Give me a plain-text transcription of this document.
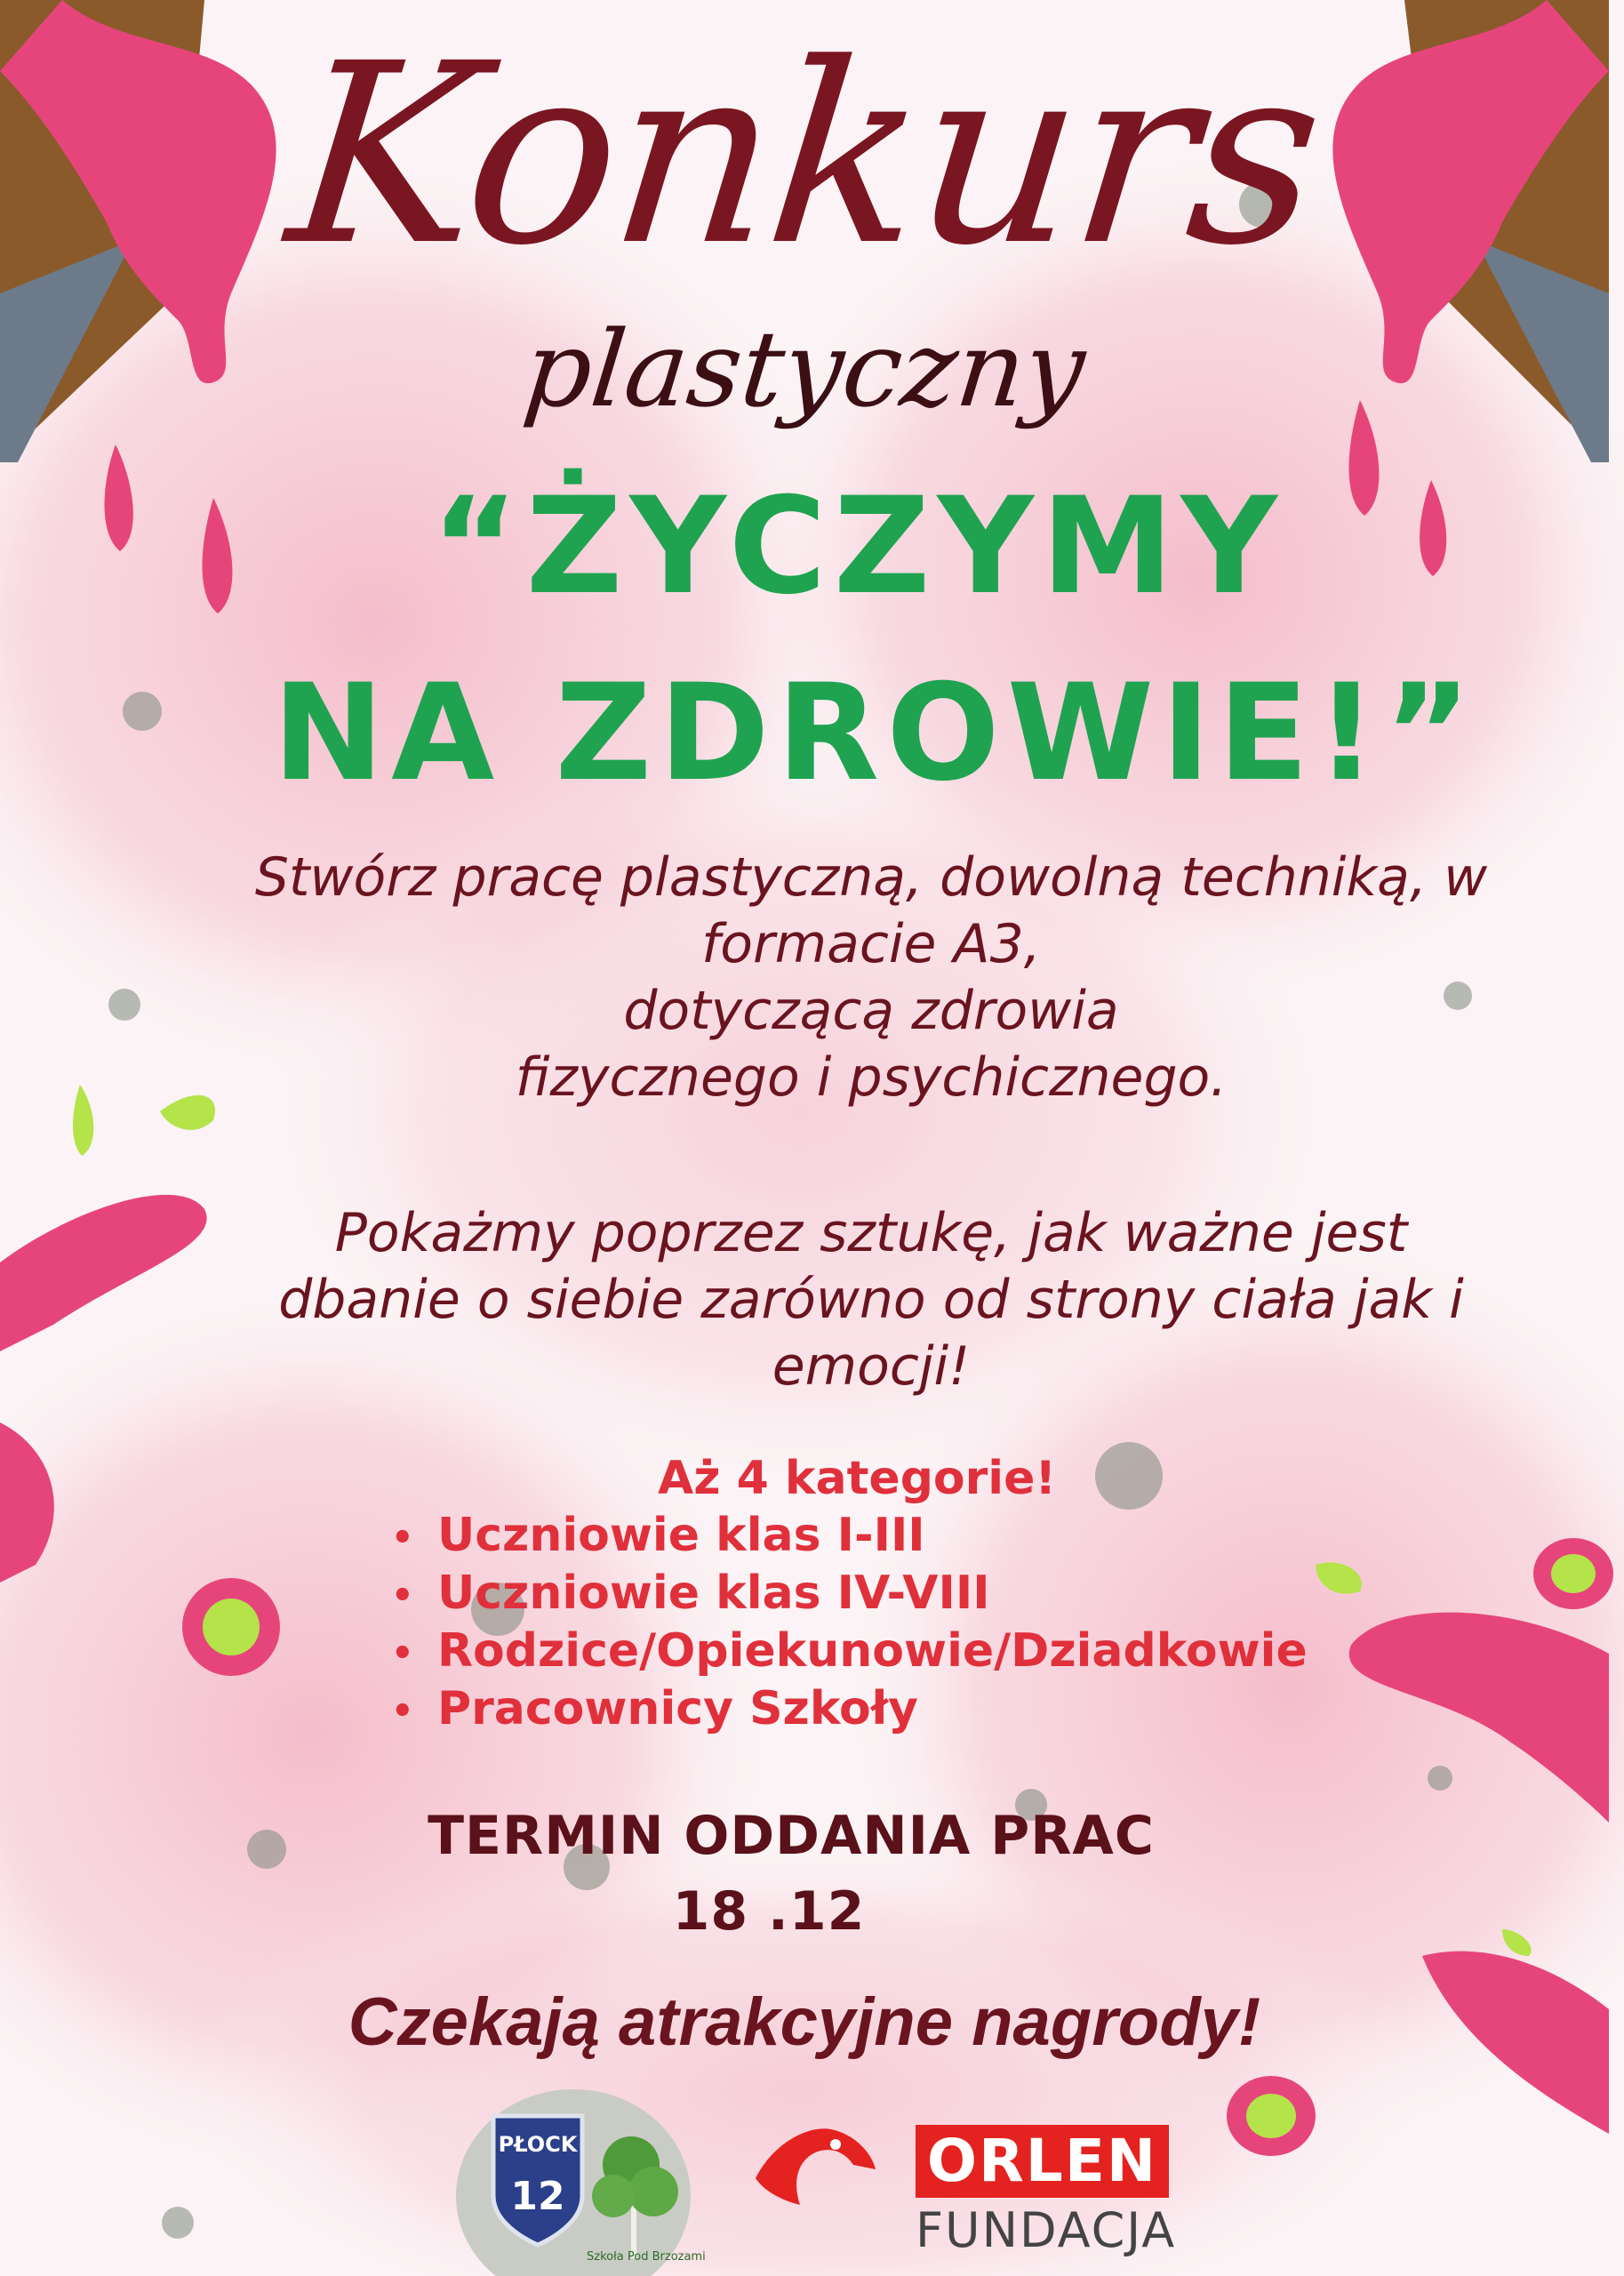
Konkurs
plastyczny
“ŻYCZYMY
NA ZDROWIE!”
Stwórz pracę plastyczną, dowolną techniką, w
formacie A3,
dotyczącą zdrowia
fizycznego i psychicznego.
Pokażmy poprzez sztukę, jak ważne jest
dbanie o siebie zarówno od strony ciała jak i
emocji!
Aż 4 kategorie!
• Uczniowie klas I-III
• Uczniowie klas IV-VIII
• Rodzice/Opiekunowie/Dziadkowie
• Pracownicy Szkoły
TERMIN ODDANIA PRAC
18 .12
Czekają atrakcyjne nagrody!
PŁOCK
12
Szkoła Pod Brzozami
ORLEN
FUNDACJA
